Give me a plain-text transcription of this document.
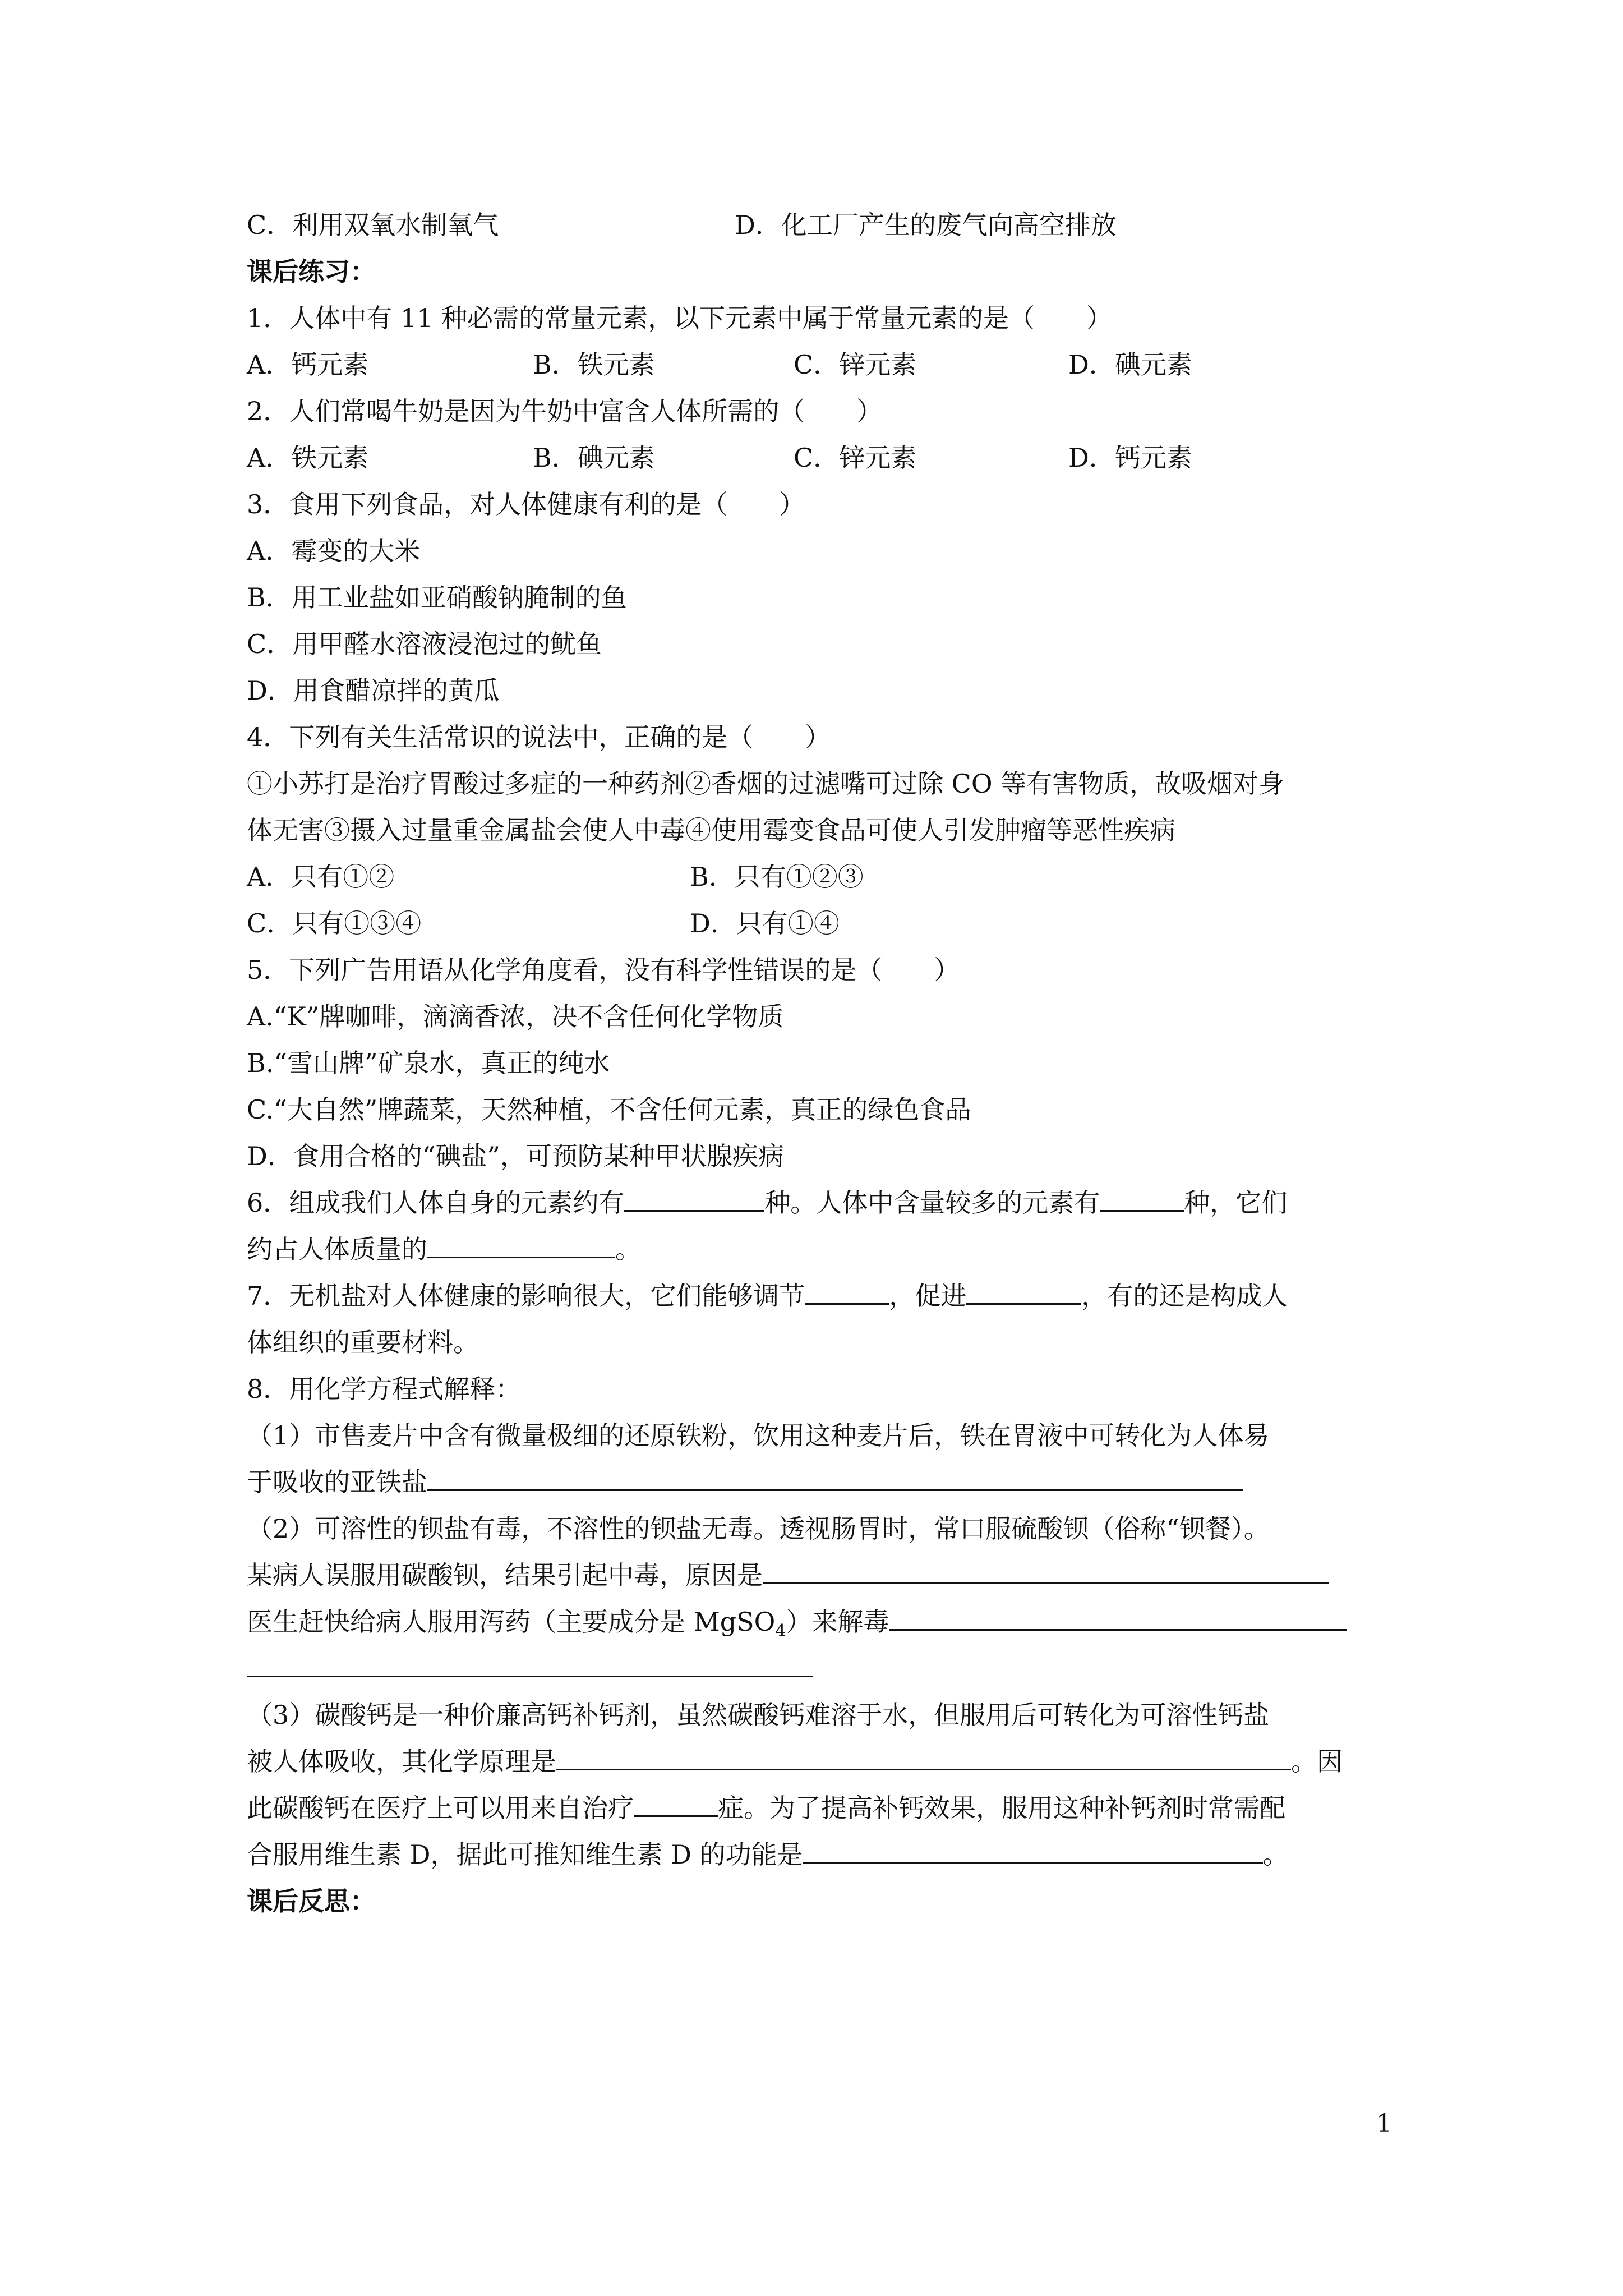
C．利用双氧水制氧气	D．化工厂产生的废气向高空排放
课后练习：
1．人体中有 11 种必需的常量元素，以下元素中属于常量元素的是（　　）
A．钙元素	B．铁元素	C．锌元素	D．碘元素
2．人们常喝牛奶是因为牛奶中富含人体所需的（　　）
A．铁元素	B．碘元素	C．锌元素	D．钙元素
3．食用下列食品，对人体健康有利的是（　　）
A．霉变的大米
B．用工业盐如亚硝酸钠腌制的鱼
C．用甲醛水溶液浸泡过的鱿鱼
D．用食醋凉拌的黄瓜
4．下列有关生活常识的说法中，正确的是（　　）
①小苏打是治疗胃酸过多症的一种药剂②香烟的过滤嘴可过除 CO 等有害物质，故吸烟对身
体无害③摄入过量重金属盐会使人中毒④使用霉变食品可使人引发肿瘤等恶性疾病
A．只有①②	B．只有①②③
C．只有①③④	D．只有①④
5．下列广告用语从化学角度看，没有科学性错误的是（　　）
A.“K”牌咖啡，滴滴香浓，决不含任何化学物质
B.“雪山牌”矿泉水，真正的纯水
C.“大自然”牌蔬菜，天然种植，不含任何元素，真正的绿色食品
D．食用合格的“碘盐”，可预防某种甲状腺疾病
6．组成我们人体自身的元素约有	种。人体中含量较多的元素有	种，它们
约占人体质量的	。
7．无机盐对人体健康的影响很大，它们能够调节	，促进	，有的还是构成人
体组织的重要材料。
8．用化学方程式解释：
（1）市售麦片中含有微量极细的还原铁粉，饮用这种麦片后，铁在胃液中可转化为人体易
于吸收的亚铁盐
（2）可溶性的钡盐有毒，不溶性的钡盐无毒。透视肠胃时，常口服硫酸钡（俗称“钡餐）。
某病人误服用碳酸钡，结果引起中毒，原因是
医生赶快给病人服用泻药（主要成分是 MgSO$_4$）来解毒
（3）碳酸钙是一种价廉高钙补钙剂，虽然碳酸钙难溶于水，但服用后可转化为可溶性钙盐
被人体吸收，其化学原理是	。因
此碳酸钙在医疗上可以用来自治疗	症。为了提高补钙效果，服用这种补钙剂时常需配
合服用维生素 D，据此可推知维生素 D 的功能是	。
课后反思：
1
